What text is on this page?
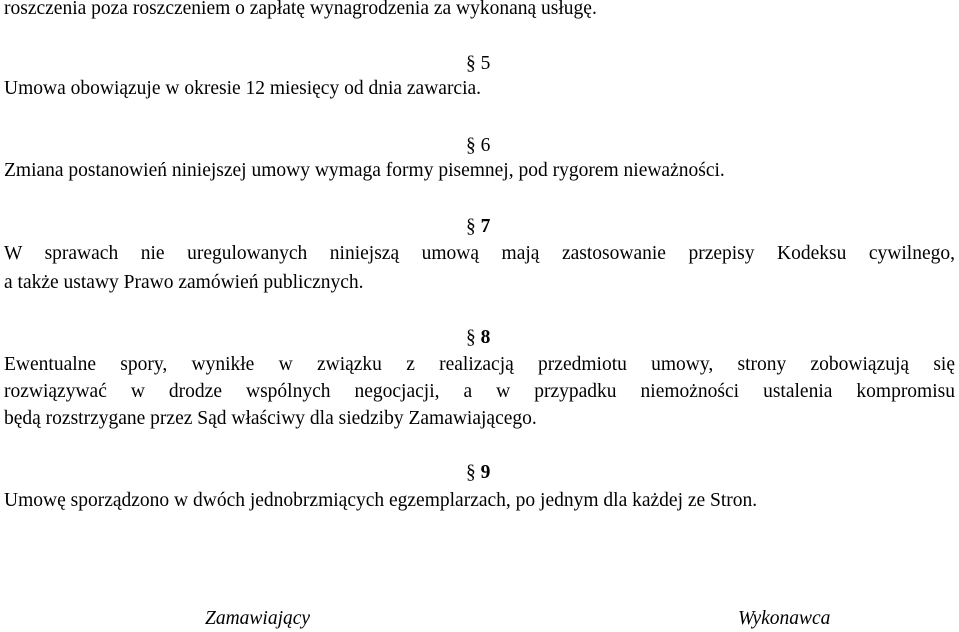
roszczenia poza roszczeniem o zapłatę wynagrodzenia za wykonaną usługę.
§ 5
Umowa obowiązuje w okresie 12 miesięcy od dnia zawarcia.
§ 6
Zmiana postanowień niniejszej umowy wymaga formy pisemnej, pod rygorem nieważności.
§ 7
W sprawach nie uregulowanych niniejszą umową mają zastosowanie przepisy Kodeksu cywilnego,
a także ustawy Prawo zamówień publicznych.
§ 8
Ewentualne spory, wynikłe w związku z realizacją przedmiotu umowy, strony zobowiązują się
rozwiązywać w drodze wspólnych negocjacji, a w przypadku niemożności ustalenia kompromisu
będą rozstrzygane przez Sąd właściwy dla siedziby Zamawiającego.
§ 9
Umowę sporządzono w dwóch jednobrzmiących egzemplarzach, po jednym dla każdej ze Stron.
Zamawiający	Wykonawca
